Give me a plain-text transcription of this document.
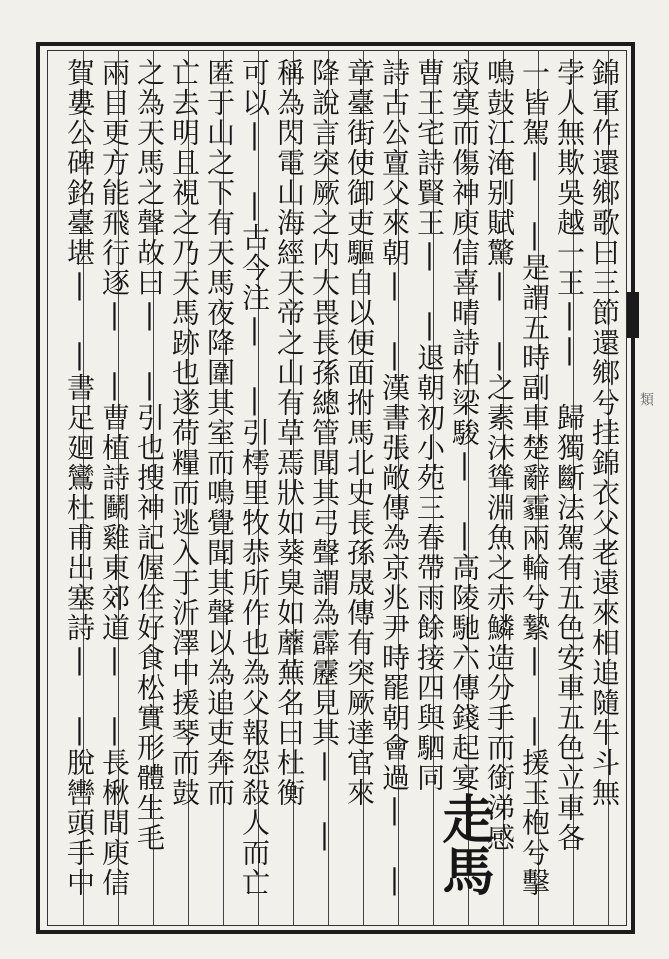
錦軍作還鄉歌曰三節還鄉兮挂錦衣父老遠來相追隨牛斗無
孛人無欺吳越一王|| 歸獨斷法駕有五色安車五色立車各
一皆駕| |是謂五時副車楚辭霾兩輪兮縶| |援玉枹兮擊
鳴鼓江淹别賦驚| |之素沫聳淵魚之赤鱗造分手而銜涕感
寂寞而傷神庾信喜晴詩柏梁駿| |高陵馳六傳錢起宴
曹王宅詩賢王| |退朝初小苑三春帶雨餘接四與駟同
詩古公亶父來朝| |漢書張敞傳為京兆尹時罷朝會過| |
章臺街使御吏驅自以便面拊馬北史長孫晟傳有突厥達官來
降說言突厥之内大畏長孫總管聞其弓聲謂為霹靂見其| |
稱為閃電山海經天帝之山有草焉狀如葵臭如蘼蕪名曰杜衡
可以| |古今注| |引樗里牧恭所作也為父報怨殺人而亡
匿于山之下有天馬夜降圍其室而鳴覺聞其聲以為追吏奔而
亡去明且視之乃天馬跡也遂荷糧而逃入于沂澤中援琴而鼓
之為天馬之聲故曰| |引也搜神記偓佺好食松實形體生毛
兩目更方能飛行逐| |曹植詩鬭雞東郊道| |長楸間庾信
賀婁公碑銘臺堪| |書足廻鸞杜甫出塞詩| |脫轡頭手中	走馬
類
